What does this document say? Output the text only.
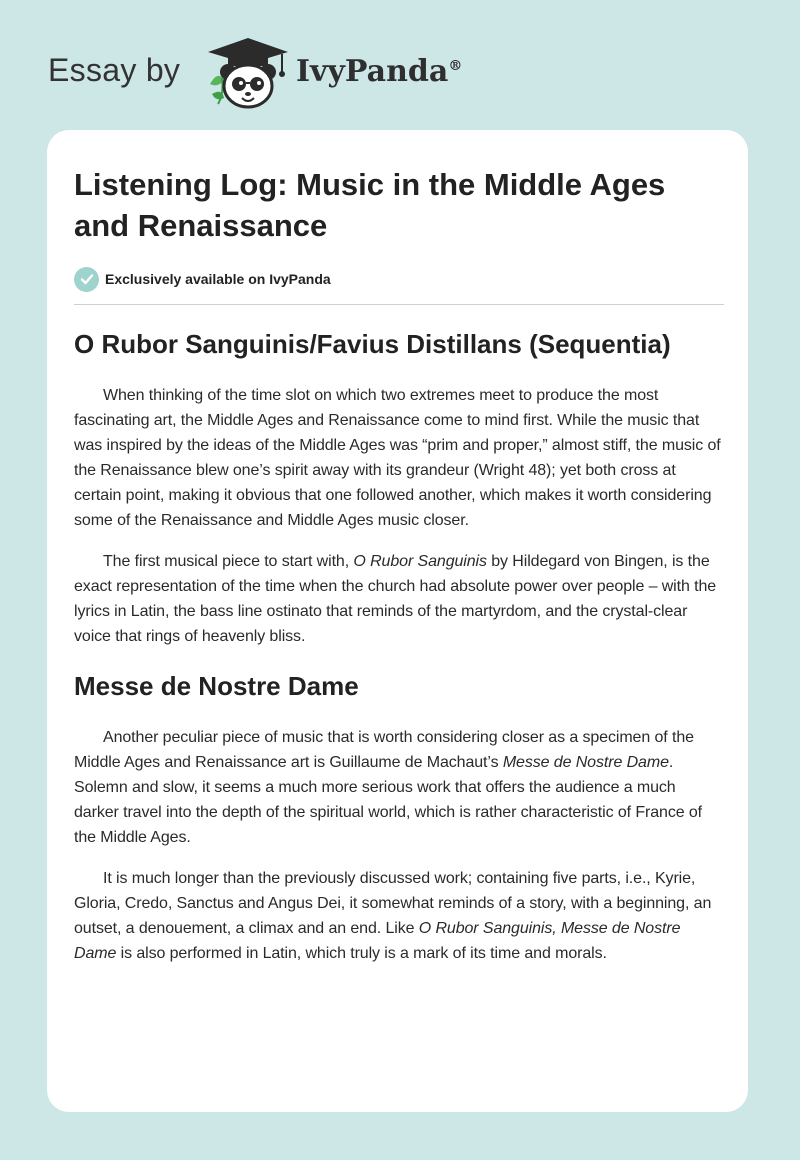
Essay by	IvyPanda®
Listening Log: Music in the Middle Ages and Renaissance
Exclusively available on IvyPanda
O Rubor Sanguinis/Favius Distillans (Sequentia)

When thinking of the time slot on which two extremes meet to produce the most fascinating art, the Middle Ages and Renaissance come to mind first. While the music that was inspired by the ideas of the Middle Ages was “prim and proper,” almost stiff, the music of the Renaissance blew one’s spirit away with its grandeur (Wright 48); yet both cross at certain point, making it obvious that one followed another, which makes it worth considering some of the Renaissance and Middle Ages music closer.

The first musical piece to start with, O Rubor Sanguinis by Hildegard von Bingen, is the exact representation of the time when the church had absolute power over people – with the lyrics in Latin, the bass line ostinato that reminds of the martyrdom, and the crystal-clear voice that rings of heavenly bliss.

Messe de Nostre Dame

Another peculiar piece of music that is worth considering closer as a specimen of the Middle Ages and Renaissance art is Guillaume de Machaut’s Messe de Nostre Dame. Solemn and slow, it seems a much more serious work that offers the audience a much darker travel into the depth of the spiritual world, which is rather characteristic of France of the Middle Ages.

It is much longer than the previously discussed work; containing five parts, i.e., Kyrie, Gloria, Credo, Sanctus and Angus Dei, it somewhat reminds of a story, with a beginning, an outset, a denouement, a climax and an end. Like O Rubor Sanguinis, Messe de Nostre Dame is also performed in Latin, which truly is a mark of its time and morals.
